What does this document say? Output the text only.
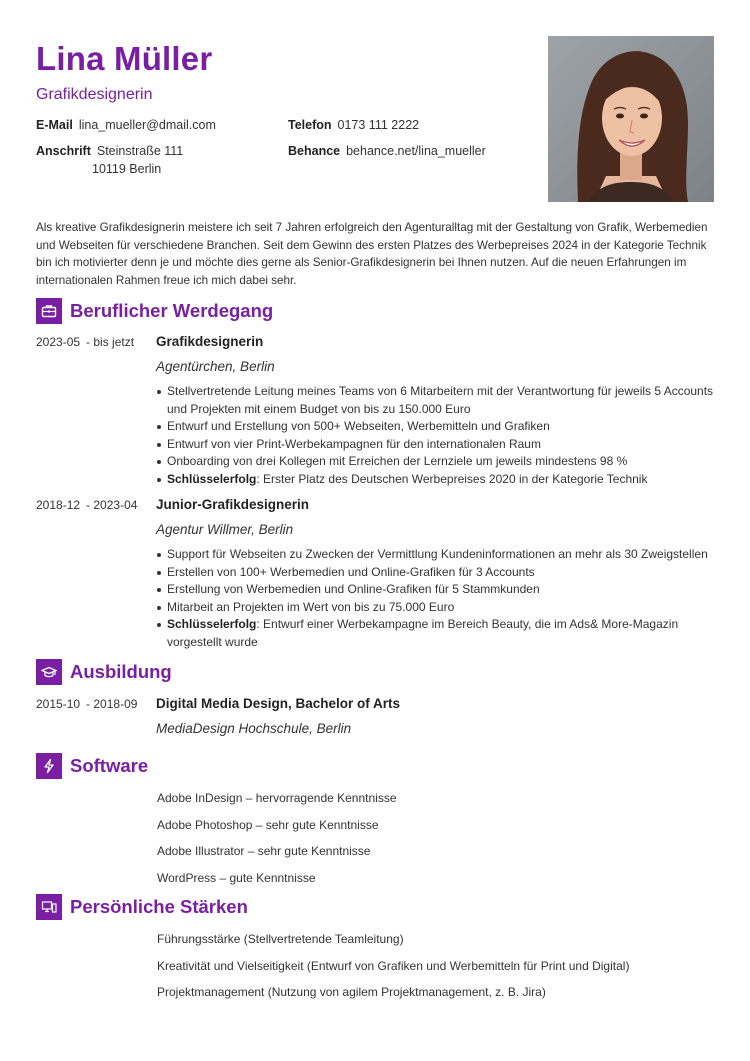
Lina Müller
Grafikdesignerin
E-Mail lina_mueller@dmail.com	Telefon 0173 111 2222
Anschrift Steinstraße 111
10119 Berlin
Behance behance.net/lina_mueller

Als kreative Grafikdesignerin meistere ich seit 7 Jahren erfolgreich den Agenturalltag mit der Gestaltung von Grafik, Werbemedien und Webseiten für verschiedene Branchen. Seit dem Gewinn des ersten Platzes des Werbepreises 2024 in der Kategorie Technik bin ich motivierter denn je und möchte dies gerne als Senior-Grafikdesignerin bei Ihnen nutzen. Auf die neuen Erfahrungen im internationalen Rahmen freue ich mich dabei sehr.

Beruflicher Werdegang
2023-05 - bis jetzt Grafikdesignerin
Agentürchen, Berlin
Stellvertretende Leitung meines Teams von 6 Mitarbeitern mit der Verantwortung für jeweils 5 Accounts und Projekten mit einem Budget von bis zu 150.000 Euro
Entwurf und Erstellung von 500+ Webseiten, Werbemitteln und Grafiken
Entwurf von vier Print-Werbekampagnen für den internationalen Raum
Onboarding von drei Kollegen mit Erreichen der Lernziele um jeweils mindestens 98 %
Schlüsselerfolg: Erster Platz des Deutschen Werbepreises 2020 in der Kategorie Technik
2018-12 - 2023-04 Junior-Grafikdesignerin
Agentur Willmer, Berlin
Support für Webseiten zu Zwecken der Vermittlung Kundeninformationen an mehr als 30 Zweigstellen
Erstellen von 100+ Werbemedien und Online-Grafiken für 3 Accounts
Erstellung von Werbemedien und Online-Grafiken für 5 Stammkunden
Mitarbeit an Projekten im Wert von bis zu 75.000 Euro
Schlüsselerfolg: Entwurf einer Werbekampagne im Bereich Beauty, die im Ads& More-Magazin vorgestellt wurde
Ausbildung
2015-10 - 2018-09 Digital Media Design, Bachelor of Arts
MediaDesign Hochschule, Berlin
Software
Adobe InDesign – hervorragende Kenntnisse
Adobe Photoshop – sehr gute Kenntnisse
Adobe Illustrator – sehr gute Kenntnisse
WordPress – gute Kenntnisse
Persönliche Stärken
Führungsstärke (Stellvertretende Teamleitung)
Kreativität und Vielseitigkeit (Entwurf von Grafiken und Werbemitteln für Print und Digital)
Projektmanagement (Nutzung von agilem Projektmanagement, z. B. Jira)
